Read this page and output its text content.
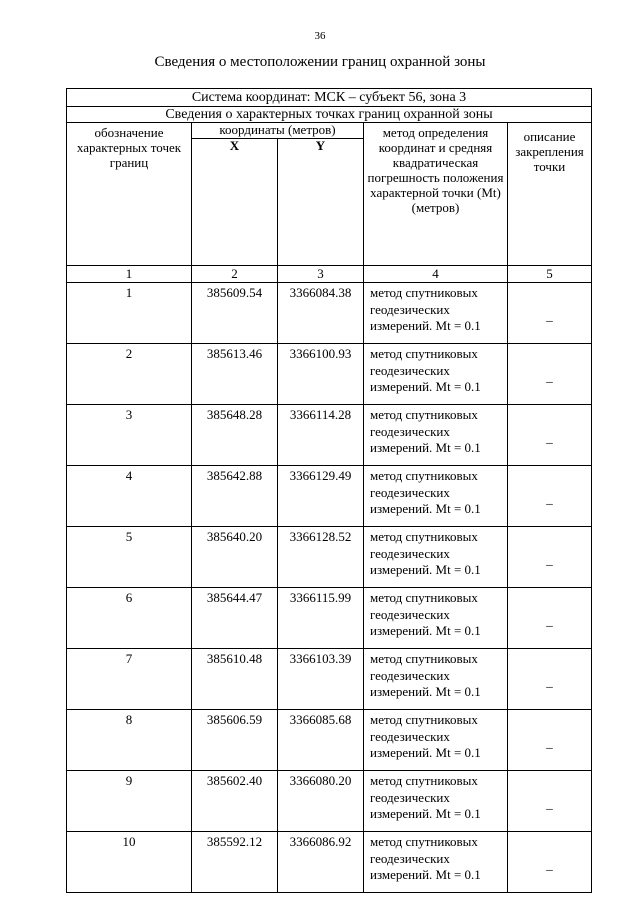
36
Сведения о местоположении границ охранной зоны
Система координат: МСК – субъект 56, зона 3				
Сведения о характерных точках границ охранной зоны				
обозначение характерных точек границ	координаты (метров)		метод определения координат и средняя квадратическая погрешность положения характерной точки (Mt) (метров)	описание закрепления точки
	X	Y		
1	2	3	4	5
1	385609.54	3366084.38	метод спутниковых геодезических измерений. Mt = 0.1	_
2	385613.46	3366100.93	метод спутниковых геодезических измерений. Mt = 0.1	_
3	385648.28	3366114.28	метод спутниковых геодезических измерений. Mt = 0.1	_
4	385642.88	3366129.49	метод спутниковых геодезических измерений. Mt = 0.1	_
5	385640.20	3366128.52	метод спутниковых геодезических измерений. Mt = 0.1	_
6	385644.47	3366115.99	метод спутниковых геодезических измерений. Mt = 0.1	_
7	385610.48	3366103.39	метод спутниковых геодезических измерений. Mt = 0.1	_
8	385606.59	3366085.68	метод спутниковых геодезических измерений. Mt = 0.1	_
9	385602.40	3366080.20	метод спутниковых геодезических измерений. Mt = 0.1	_
10	385592.12	3366086.92	метод спутниковых геодезических измерений. Mt = 0.1	_
